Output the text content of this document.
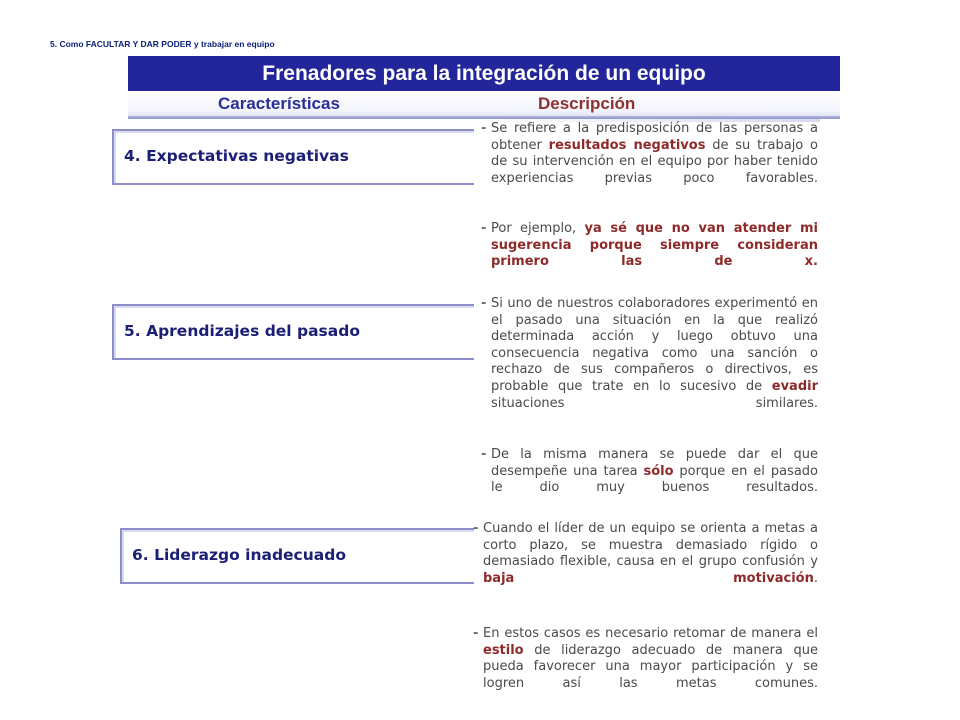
5. Como FACULTAR Y DAR PODER y trabajar en equipo
Frenadores para la integración de un equipo
Características	Descripción
4. Expectativas negativas
5. Aprendizajes del pasado
6. Liderazgo inadecuado
- Se refiere a la predisposición de las personas a obtener resultados negativos de su trabajo o de su intervención en el equipo por haber tenido experiencias previas poco favorables.
- Por ejemplo, ya sé que no van atender mi sugerencia porque siempre consideran primero las de x.
- Si uno de nuestros colaboradores experimentó en el pasado una situación en la que realizó determinada acción y luego obtuvo una consecuencia negativa como una sanción o rechazo de sus compañeros o directivos, es probable que trate en lo sucesivo de evadir situaciones similares.
- De la misma manera se puede dar el que desempeñe una tarea sólo porque en el pasado le dio muy buenos resultados.
- Cuando el líder de un equipo se orienta a metas a corto plazo, se muestra demasiado rígido o demasiado flexible, causa en el grupo confusión y baja motivación.
- En estos casos es necesario retomar de manera el estilo de liderazgo adecuado de manera que pueda favorecer una mayor participación y se logren así las metas comunes.
